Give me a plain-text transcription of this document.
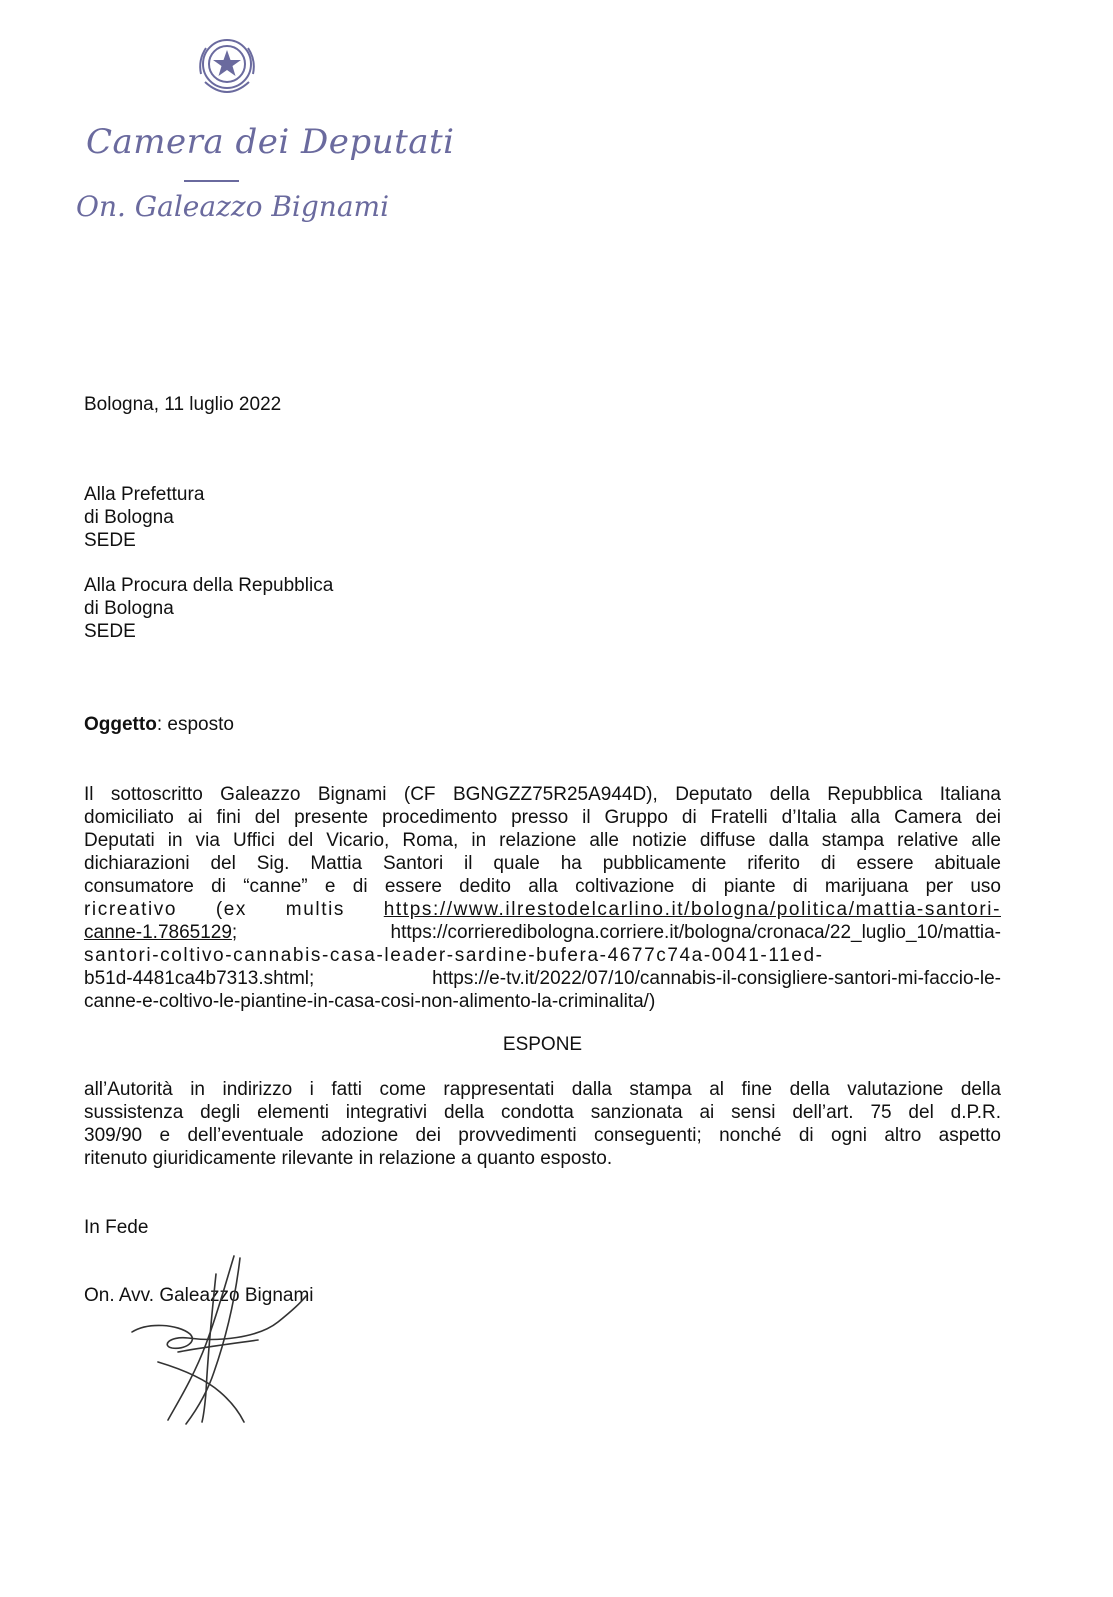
Camera dei Deputati
On. Galeazzo Bignami
Bologna, 11 luglio 2022
Alla Prefettura
di Bologna
SEDE
Alla Procura della Repubblica
di Bologna
SEDE
Oggetto: esposto
Il sottoscritto Galeazzo Bignami (CF BGNGZZ75R25A944D), Deputato della Repubblica Italiana
domiciliato ai fini del presente procedimento presso il Gruppo di Fratelli d’Italia alla Camera dei
Deputati in via Uffici del Vicario, Roma, in relazione alle notizie diffuse dalla stampa relative alle
dichiarazioni del Sig. Mattia Santori il quale ha pubblicamente riferito di essere abituale
consumatore di “canne” e di essere dedito alla coltivazione di piante di marijuana per uso
ricreativo (ex multis https://www.ilrestodelcarlino.it/bologna/politica/mattia-santori-
canne-1.7865129; https://corrieredibologna.corriere.it/bologna/cronaca/22_luglio_10/mattia-
santori-coltivo-cannabis-casa-leader-sardine-bufera-4677c74a-0041-11ed-
b51d-4481ca4b7313.shtml; https://e-tv.it/2022/07/10/cannabis-il-consigliere-santori-mi-faccio-le-
canne-e-coltivo-le-piantine-in-casa-cosi-non-alimento-la-criminalita/)
ESPONE
all’Autorità in indirizzo i fatti come rappresentati dalla stampa al fine della valutazione della
sussistenza degli elementi integrativi della condotta sanzionata ai sensi dell’art. 75 del d.P.R.
309/90 e dell’eventuale adozione dei provvedimenti conseguenti; nonché di ogni altro aspetto
ritenuto giuridicamente rilevante in relazione a quanto esposto.
In Fede
On. Avv. Galeazzo Bignami
